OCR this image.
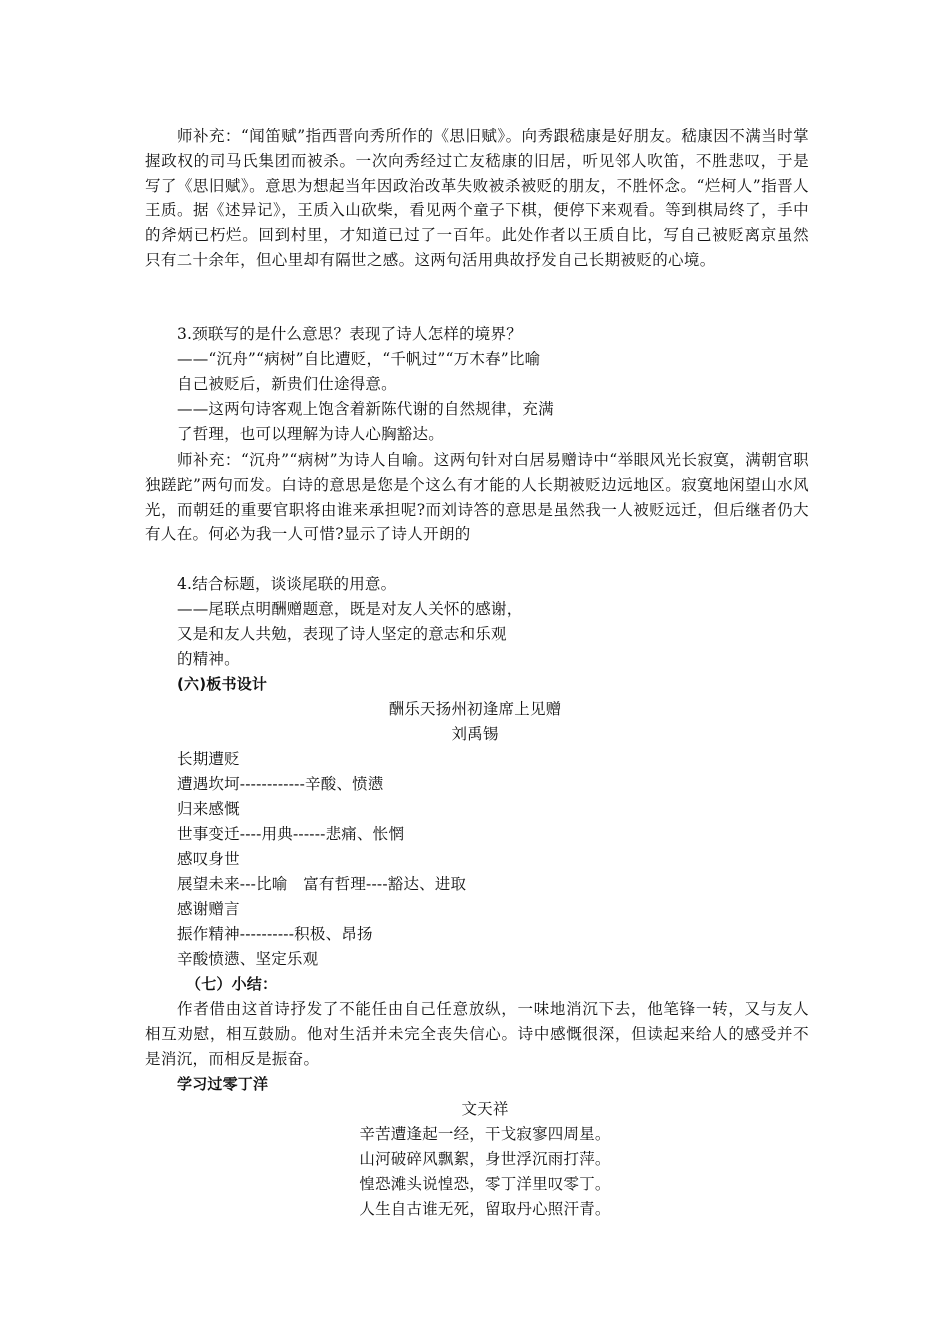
师补充：“闻笛赋”指西晋向秀所作的《思旧赋》。向秀跟嵇康是好朋友。嵇康因不满当时掌握政权的司马氏集团而被杀。一次向秀经过亡友嵇康的旧居，听见邻人吹笛，不胜悲叹，于是写了《思旧赋》。意思为想起当年因政治改革失败被杀被贬的朋友，不胜怀念。“烂柯人”指晋人王质。据《述异记》，王质入山砍柴，看见两个童子下棋，便停下来观看。等到棋局终了，手中的斧炳已朽烂。回到村里，才知道已过了一百年。此处作者以王质自比，写自己被贬离京虽然只有二十余年，但心里却有隔世之感。这两句活用典故抒发自己长期被贬的心境。

3.颈联写的是什么意思？表现了诗人怎样的境界？

——“沉舟”“病树”自比遭贬，“千帆过”“万木春”比喻

自己被贬后，新贵们仕途得意。

——这两句诗客观上饱含着新陈代谢的自然规律，充满

了哲理，也可以理解为诗人心胸豁达。

师补充：“沉舟”“病树”为诗人自喻。这两句针对白居易赠诗中“举眼风光长寂寞，满朝官职独蹉跎”两句而发。白诗的意思是您是个这么有才能的人长期被贬边远地区。寂寞地闲望山水风光，而朝廷的重要官职将由谁来承担呢?而刘诗答的意思是虽然我一人被贬远迁，但后继者仍大有人在。何必为我一人可惜?显示了诗人开朗的

4.结合标题，谈谈尾联的用意。

——尾联点明酬赠题意，既是对友人关怀的感谢，

又是和友人共勉，表现了诗人坚定的意志和乐观

的精神。

(六)板书设计

酬乐天扬州初逢席上见赠

刘禹锡

长期遭贬

遭遇坎坷------------辛酸、愤懑

归来感慨

世事变迁----用典------悲痛、怅惘

感叹身世

展望未来---比喻　富有哲理----豁达、进取

感谢赠言

振作精神----------积极、昂扬

辛酸愤懑、坚定乐观

（七）小结：

作者借由这首诗抒发了不能任由自己任意放纵，一味地消沉下去，他笔锋一转，又与友人相互劝慰，相互鼓励。他对生活并未完全丧失信心。诗中感慨很深，但读起来给人的感受并不是消沉，而相反是振奋。

学习过零丁洋

文天祥

辛苦遭逢起一经，干戈寂寥四周星。

山河破碎风飘絮，身世浮沉雨打萍。

惶恐滩头说惶恐，零丁洋里叹零丁。

人生自古谁无死，留取丹心照汗青。
